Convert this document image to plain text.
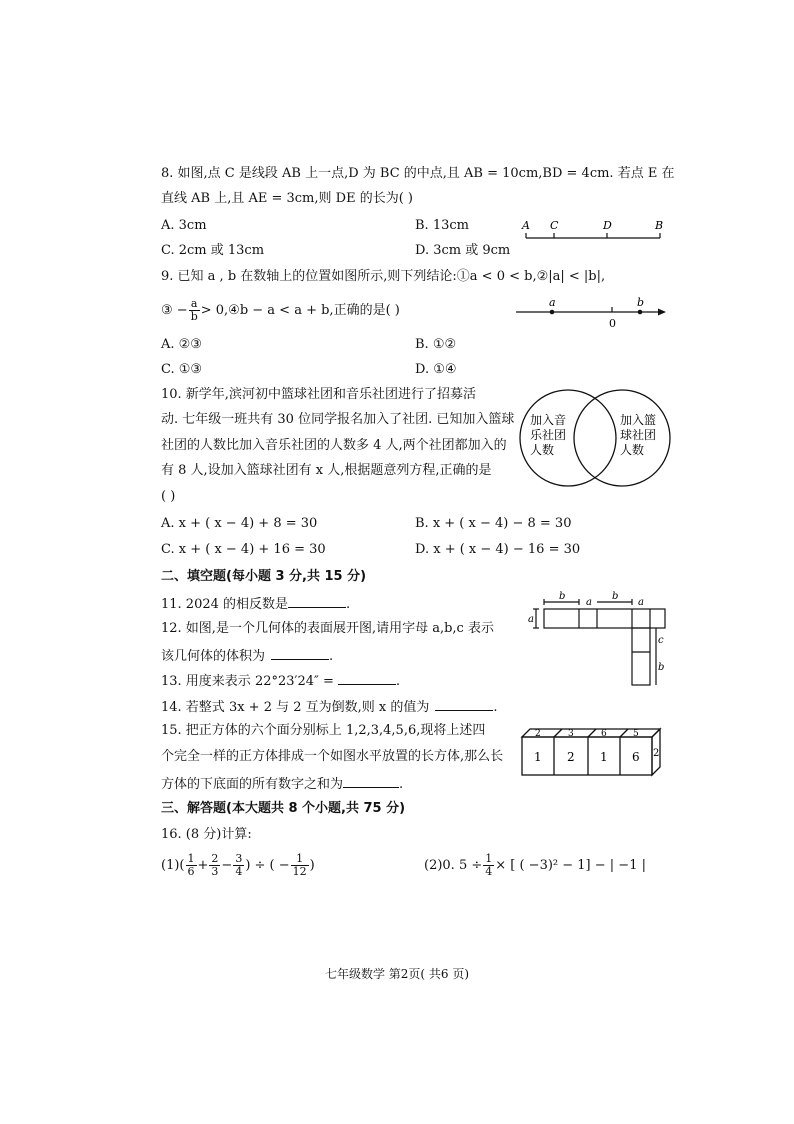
8. 如图,点 C 是线段 AB 上一点,D 为 BC 的中点,且 AB = 10cm,BD = 4cm. 若点 E 在
直线 AB 上,且 AE = 3cm,则 DE 的长为( )
A. 3cm	B. 13cm
C. 2cm 或 13cm	D. 3cm 或 9cm
A C	D	B
9. 已知 a , b 在数轴上的位置如图所示,则下列结论:①a < 0 < b,②|a| < |b|,
③ − $\frac{a}{b}$ > 0,④b − a < a + b,正确的是( )
a
0
b
A. ②③	B. ①②
C. ①③	D. ①④
10. 新学年,滨河初中篮球社团和音乐社团进行了招募活
动. 七年级一班共有 30 位同学报名加入了社团. 已知加入篮球
社团的人数比加入音乐社团的人数多 4 人,两个社团都加入的
有 8 人,设加入篮球社团有 x 人,根据题意列方程,正确的是
( )
加入音
乐社团
人数
加入篮
球社团
人数
A. x + ( x − 4) + 8 = 30	B. x + ( x − 4) − 8 = 30
C. x + ( x − 4) + 16 = 30	D. x + ( x − 4) − 16 = 30
二、填空题(每小题 3 分,共 15 分)
11. 2024 的相反数是	.
12. 如图,是一个几何体的表面展开图,请用字母 a,b,c 表示
该几何体的体积为	.
b
a
a
b
a
c
b
13. 用度来表示 22°23′24″ =	.
14. 若整式 3x + 2 与 2 互为倒数,则 x 的值为	.
15. 把正方体的六个面分别标上 1,2,3,4,5,6,现将上述四
个完全一样的正方体排成一个如图水平放置的长方体,那么长
方体的下底面的所有数字之和为	.
2	3	6	5
1 2 1 6 2
三、解答题(本大题共 8 个小题,共 75 分)
16. (8 分)计算:
$(1)( \frac{1}{6} + \frac{2}{3} - \frac{3}{4}$ ) ÷ ( − $\frac{1}{12}$ )	(2)0. $5 \div \frac{1}{4}$ × [ ( −3)² − 1] − | −1 |
七年级数学 第2页( 共6 页)
